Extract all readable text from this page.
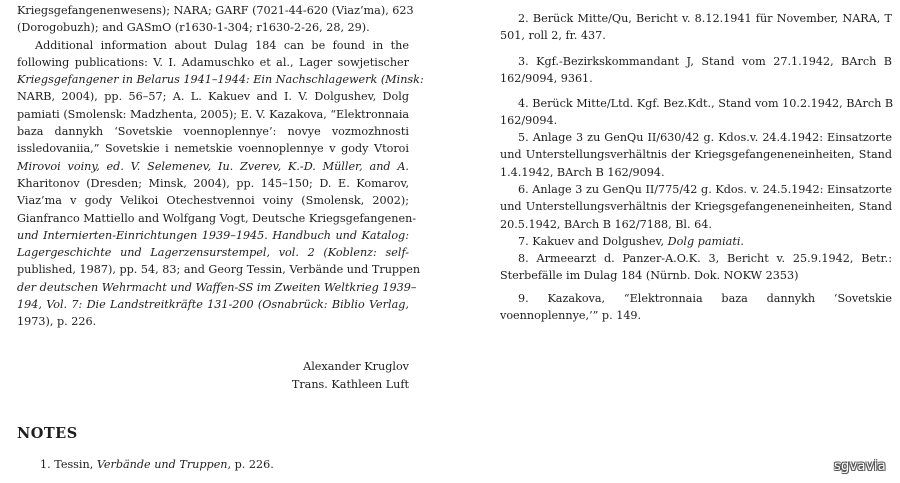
Kriegsgefangenenwesens); NARA; GARF (7021-44-620 (Viaz’ma), 623
(Dorogobuzh); and GASmO (r1630-1-304; r1630-2-26, 28, 29).
Additional information about Dulag 184 can be found in the
following publications: V. I. Adamuschko et al., Lager sowjetischer
Kriegsgefangener in Belarus 1941–1944: Ein Nachschlagewerk (Minsk:
NARB, 2004), pp. 56–57; A. L. Kakuev and I. V. Dolgushev, Dolg
pamiati (Smolensk: Madzhenta, 2005); E. V. Kazakova, “Elektronnaia
baza dannykh ‘Sovetskie voennoplennye’: novye vozmozhnosti
issledovaniia,” Sovetskie i nemetskie voennoplennye v gody Vtoroi
Mirovoi voiny, ed. V. Selemenev, Iu. Zverev, K.-D. Müller, and A.
Kharitonov (Dresden; Minsk, 2004), pp. 145–150; D. E. Komarov,
Viaz’ma v gody Velikoi Otechestvennoi voiny (Smolensk, 2002);
Gianfranco Mattiello and Wolfgang Vogt, Deutsche Kriegsgefangenen-
und Internierten-Einrichtungen 1939–1945. Handbuch und Katalog:
Lagergeschichte und Lagerzensurstempel, vol. 2 (Koblenz: self-
published, 1987), pp. 54, 83; and Georg Tessin, Verbände und Truppen
der deutschen Wehrmacht und Waffen-SS im Zweiten Weltkrieg 1939–
194, Vol. 7: Die Landstreitkräfte 131-200 (Osnabrück: Biblio Verlag,
1973), p. 226.
Alexander Kruglov
Trans. Kathleen Luft
NOTES
1. Tessin, Verbände und Truppen, p. 226.
2. Berück Mitte/Qu, Bericht v. 8.12.1941 für November, NARA, T
501, roll 2, fr. 437.
3. Kgf.-Bezirkskommandant J, Stand vom 27.1.1942, BArch B
162/9094, 9361.
4. Berück Mitte/Ltd. Kgf. Bez.Kdt., Stand vom 10.2.1942, BArch B
162/9094.
5. Anlage 3 zu GenQu II/630/42 g. Kdos.v. 24.4.1942: Einsatzorte
und Unterstellungsverhältnis der Kriegsgefangeneneinheiten, Stand
1.4.1942, BArch B 162/9094.
6. Anlage 3 zu GenQu II/775/42 g. Kdos. v. 24.5.1942: Einsatzorte
und Unterstellungsverhältnis der Kriegsgefangeneneinheiten, Stand
20.5.1942, BArch B 162/7188, Bl. 64.
7. Kakuev and Dolgushev, Dolg pamiati.
8. Armeearzt d. Panzer-A.O.K. 3, Bericht v. 25.9.1942, Betr.:
Sterbefälle im Dulag 184 (Nürnb. Dok. NOKW 2353)
9. Kazakova, “Elektronnaia baza dannykh ‘Sovetskie
voennoplennye,’” p. 149.
sgvavia
